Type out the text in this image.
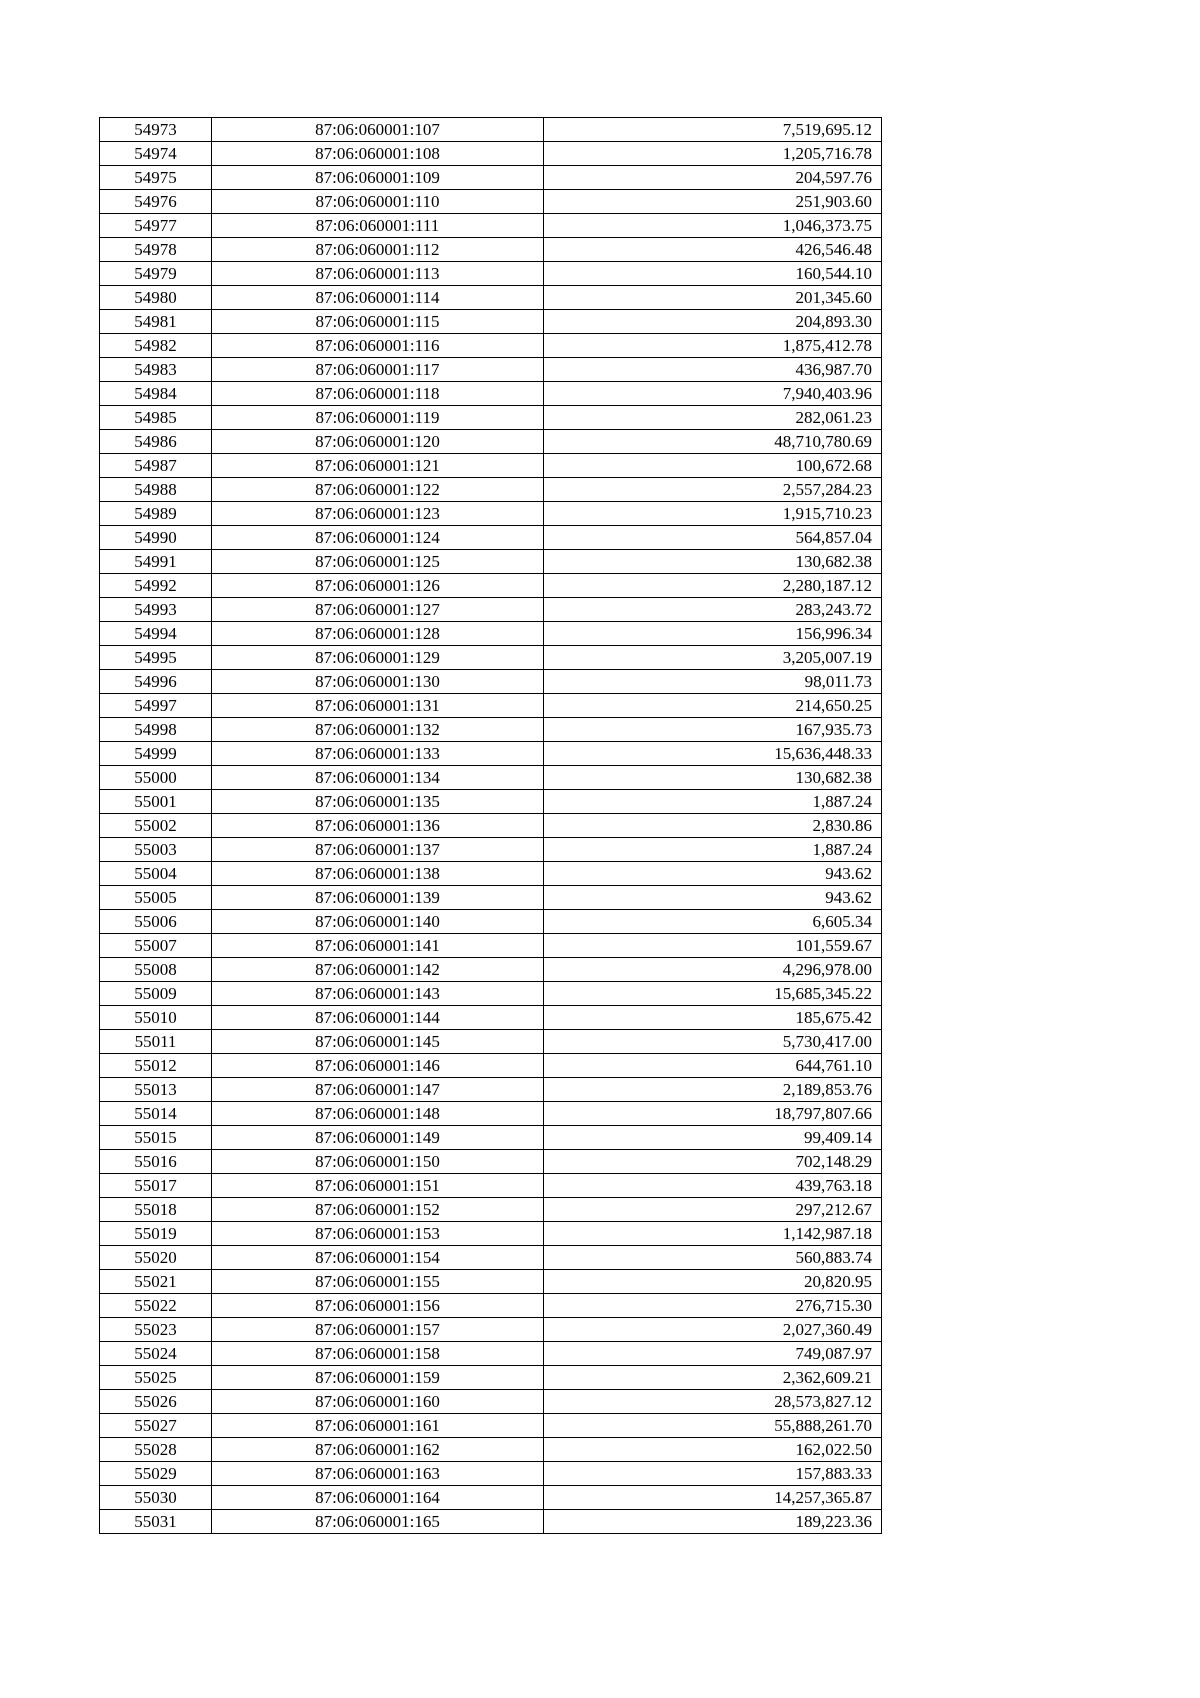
54973	87:06:060001:107	7,519,695.12
54974	87:06:060001:108	1,205,716.78
54975	87:06:060001:109	204,597.76
54976	87:06:060001:110	251,903.60
54977	87:06:060001:111	1,046,373.75
54978	87:06:060001:112	426,546.48
54979	87:06:060001:113	160,544.10
54980	87:06:060001:114	201,345.60
54981	87:06:060001:115	204,893.30
54982	87:06:060001:116	1,875,412.78
54983	87:06:060001:117	436,987.70
54984	87:06:060001:118	7,940,403.96
54985	87:06:060001:119	282,061.23
54986	87:06:060001:120	48,710,780.69
54987	87:06:060001:121	100,672.68
54988	87:06:060001:122	2,557,284.23
54989	87:06:060001:123	1,915,710.23
54990	87:06:060001:124	564,857.04
54991	87:06:060001:125	130,682.38
54992	87:06:060001:126	2,280,187.12
54993	87:06:060001:127	283,243.72
54994	87:06:060001:128	156,996.34
54995	87:06:060001:129	3,205,007.19
54996	87:06:060001:130	98,011.73
54997	87:06:060001:131	214,650.25
54998	87:06:060001:132	167,935.73
54999	87:06:060001:133	15,636,448.33
55000	87:06:060001:134	130,682.38
55001	87:06:060001:135	1,887.24
55002	87:06:060001:136	2,830.86
55003	87:06:060001:137	1,887.24
55004	87:06:060001:138	943.62
55005	87:06:060001:139	943.62
55006	87:06:060001:140	6,605.34
55007	87:06:060001:141	101,559.67
55008	87:06:060001:142	4,296,978.00
55009	87:06:060001:143	15,685,345.22
55010	87:06:060001:144	185,675.42
55011	87:06:060001:145	5,730,417.00
55012	87:06:060001:146	644,761.10
55013	87:06:060001:147	2,189,853.76
55014	87:06:060001:148	18,797,807.66
55015	87:06:060001:149	99,409.14
55016	87:06:060001:150	702,148.29
55017	87:06:060001:151	439,763.18
55018	87:06:060001:152	297,212.67
55019	87:06:060001:153	1,142,987.18
55020	87:06:060001:154	560,883.74
55021	87:06:060001:155	20,820.95
55022	87:06:060001:156	276,715.30
55023	87:06:060001:157	2,027,360.49
55024	87:06:060001:158	749,087.97
55025	87:06:060001:159	2,362,609.21
55026	87:06:060001:160	28,573,827.12
55027	87:06:060001:161	55,888,261.70
55028	87:06:060001:162	162,022.50
55029	87:06:060001:163	157,883.33
55030	87:06:060001:164	14,257,365.87
55031	87:06:060001:165	189,223.36
